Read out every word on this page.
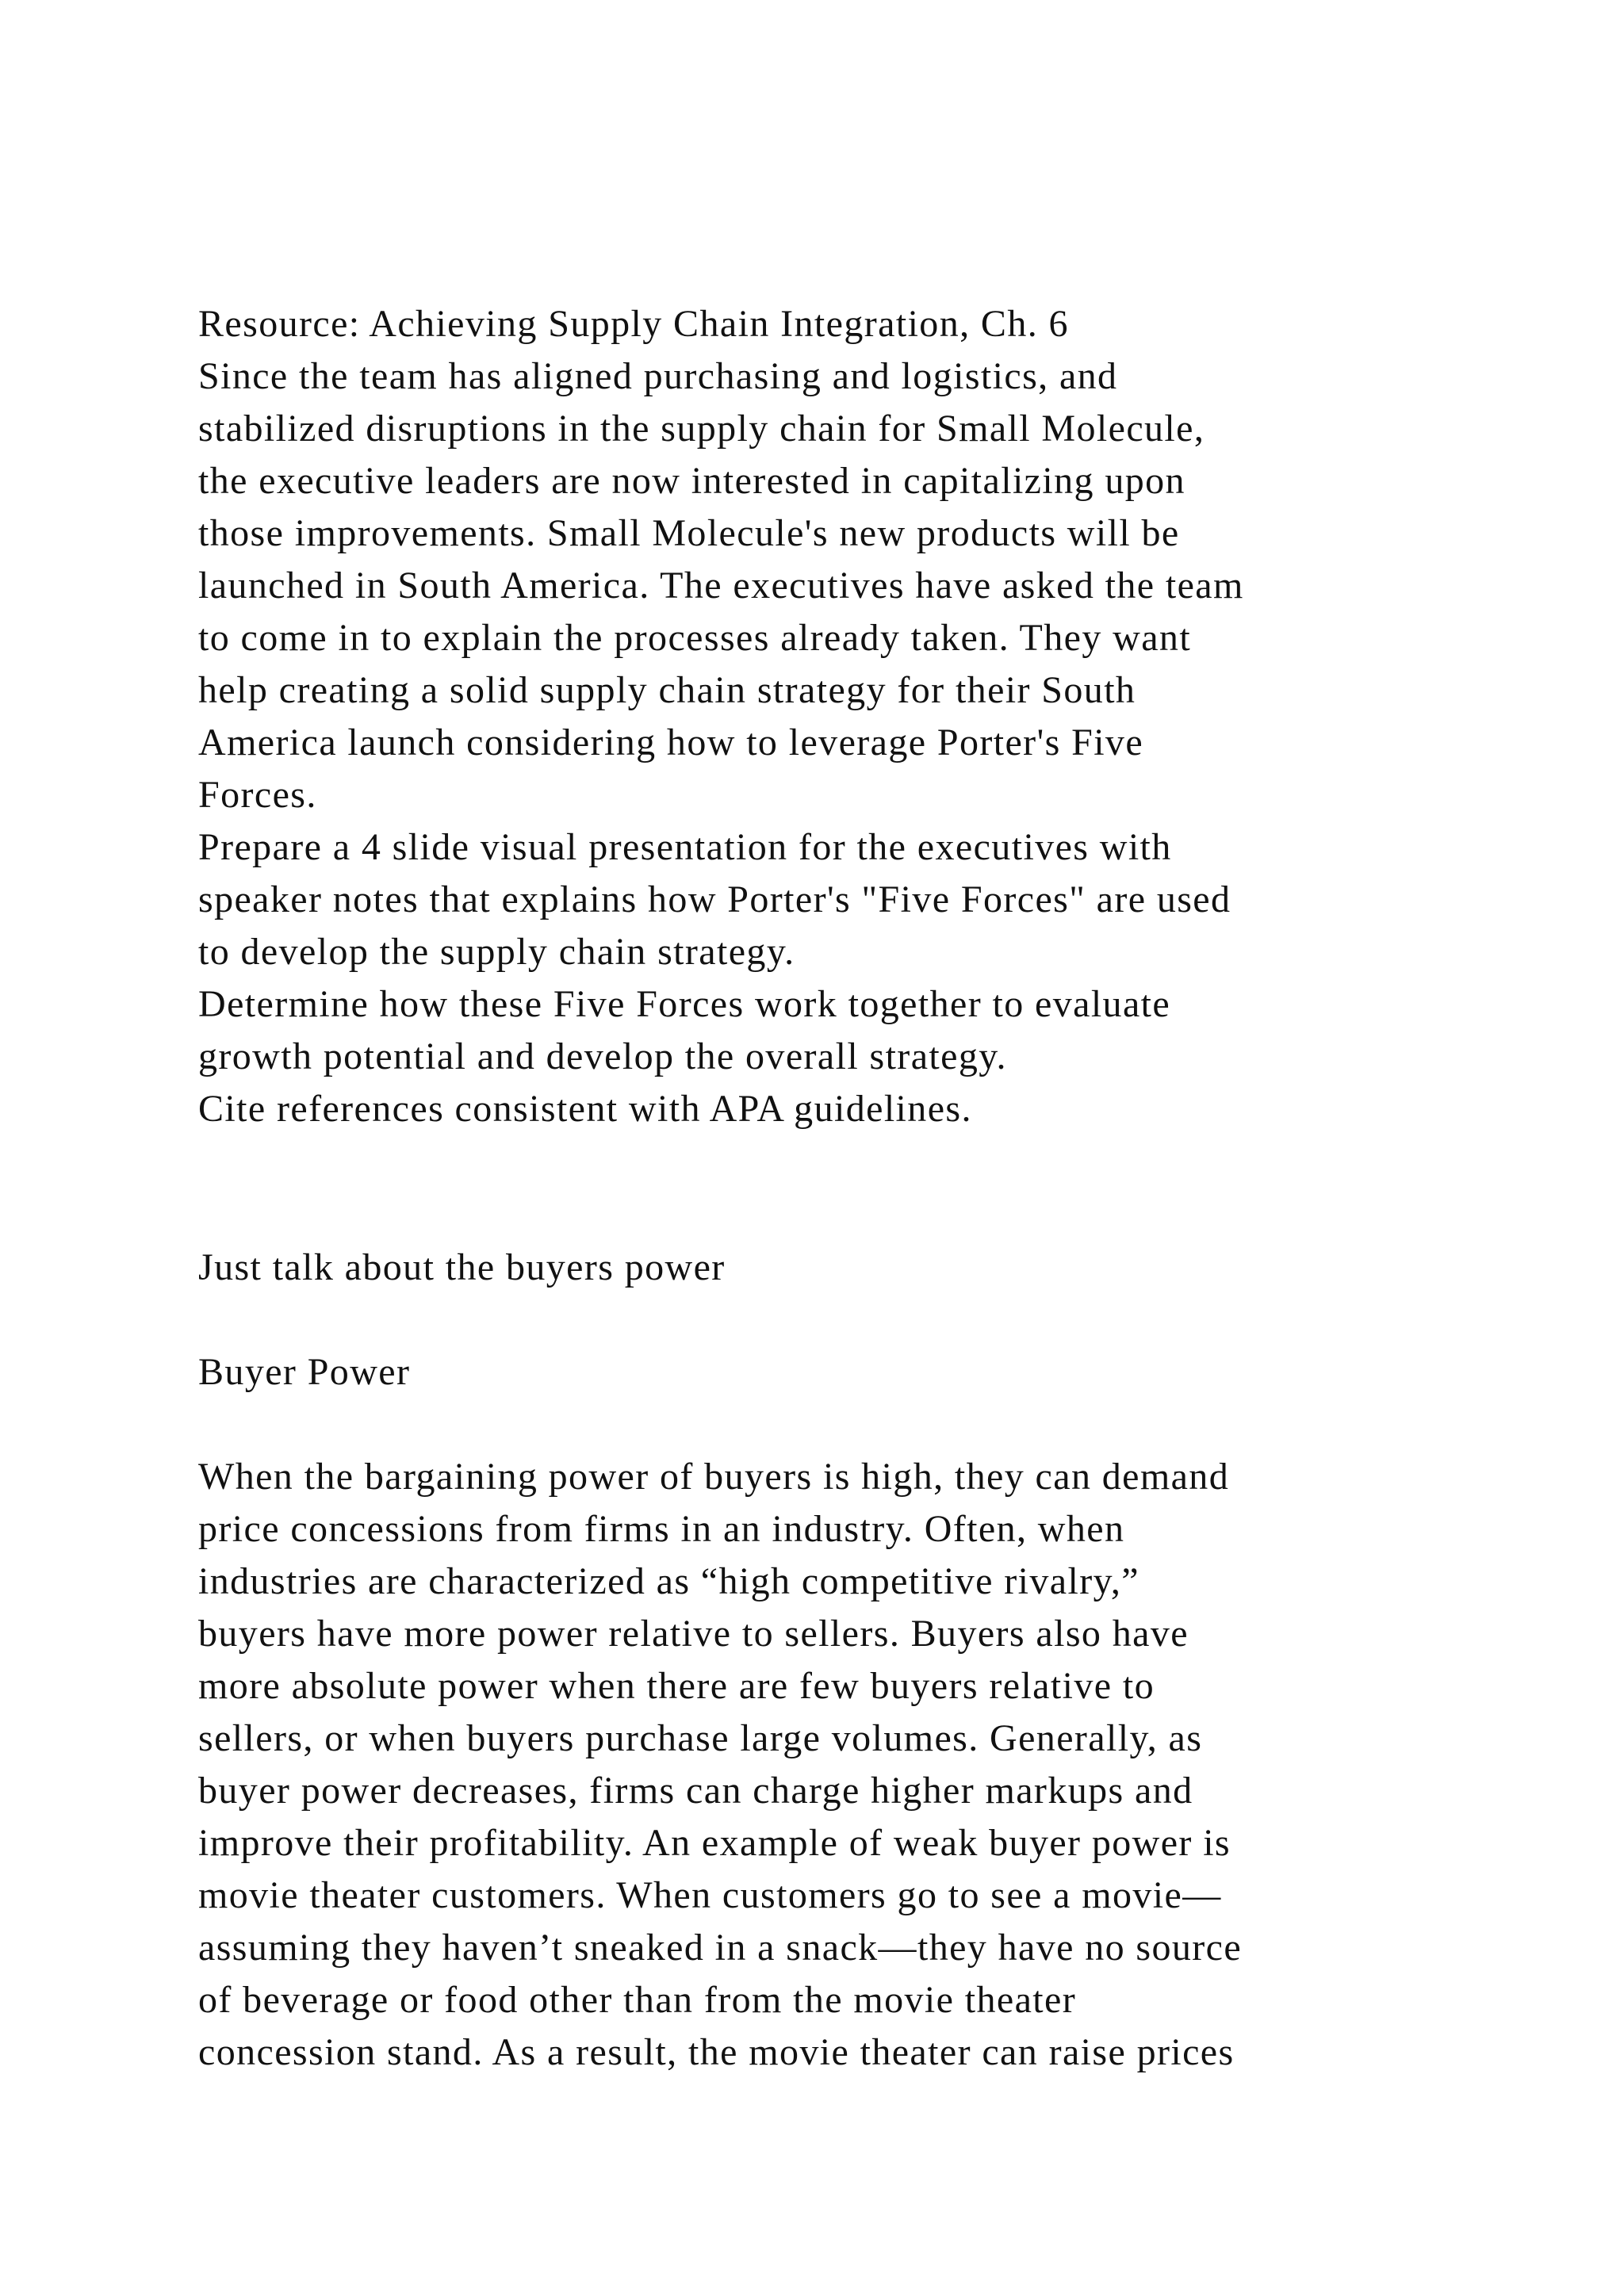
Resource: Achieving Supply Chain Integration, Ch. 6
Since the team has aligned purchasing and logistics, and
stabilized disruptions in the supply chain for Small Molecule,
the executive leaders are now interested in capitalizing upon
those improvements. Small Molecule's new products will be
launched in South America. The executives have asked the team
to come in to explain the processes already taken. They want
help creating a solid supply chain strategy for their South
America launch considering how to leverage Porter's Five
Forces.
Prepare a 4 slide visual presentation for the executives with
speaker notes that explains how Porter's "Five Forces" are used
to develop the supply chain strategy.
Determine how these Five Forces work together to evaluate
growth potential and develop the overall strategy.
Cite references consistent with APA guidelines.
Just talk about the buyers power
Buyer Power
When the bargaining power of buyers is high, they can demand
price concessions from firms in an industry. Often, when
industries are characterized as “high competitive rivalry,”
buyers have more power relative to sellers. Buyers also have
more absolute power when there are few buyers relative to
sellers, or when buyers purchase large volumes. Generally, as
buyer power decreases, firms can charge higher markups and
improve their profitability. An example of weak buyer power is
movie theater customers. When customers go to see a movie—
assuming they haven’t sneaked in a snack—they have no source
of beverage or food other than from the movie theater
concession stand. As a result, the movie theater can raise prices
